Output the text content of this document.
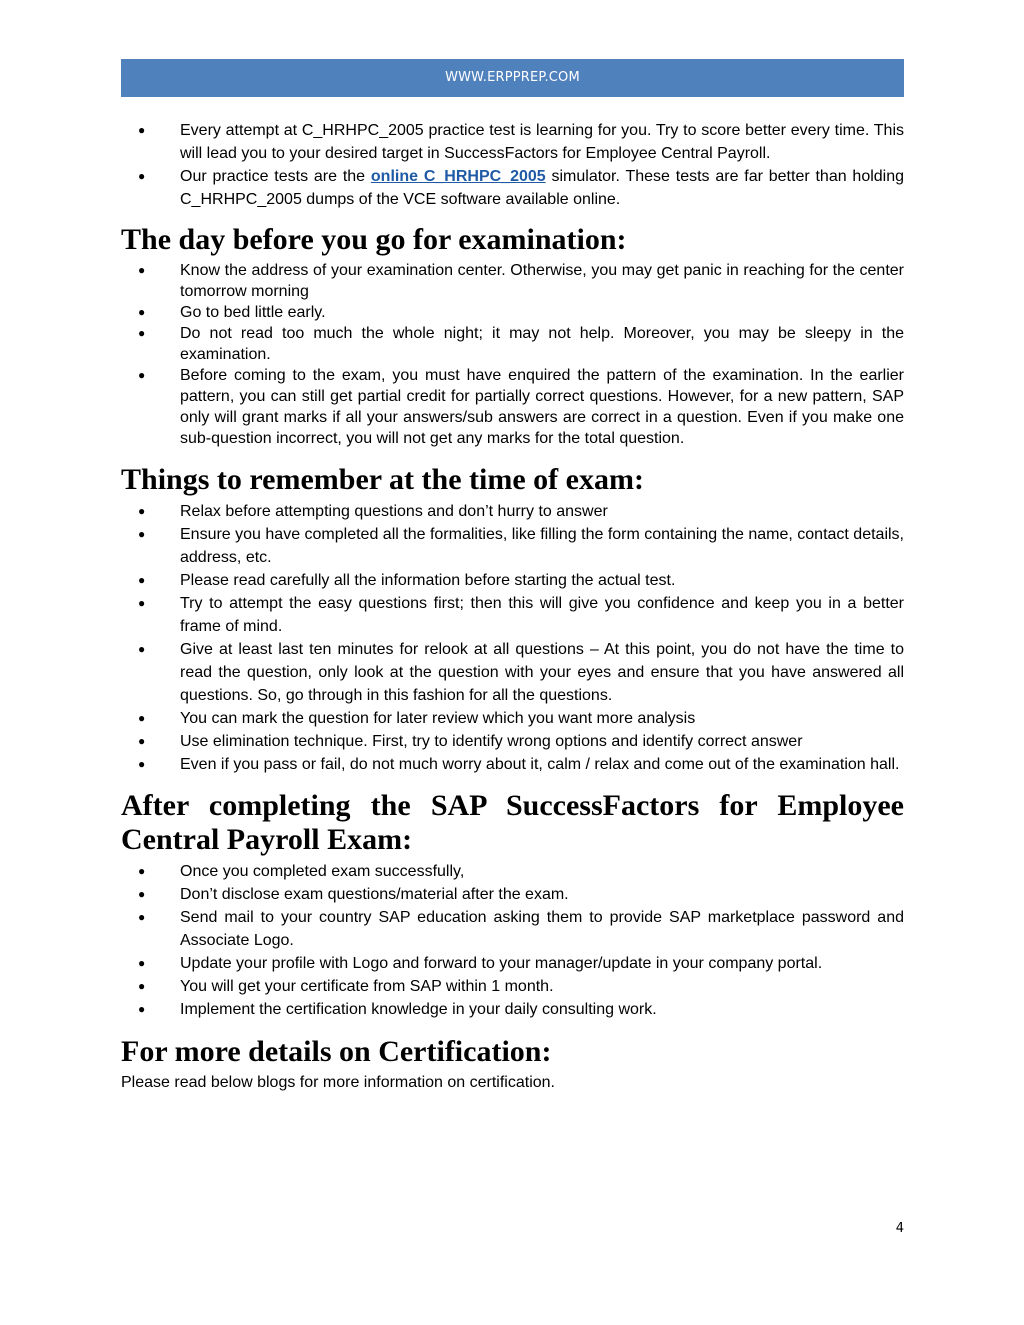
WWW.ERPPREP.COM
● Every attempt at C_HRHPC_2005 practice test is learning for you. Try to score better every time. This will lead you to your desired target in SuccessFactors for Employee Central Payroll.
● Our practice tests are the online C_HRHPC_2005 simulator. These tests are far better than holding C_HRHPC_2005 dumps of the VCE software available online.
The day before you go for examination:
● Know the address of your examination center. Otherwise, you may get panic in reaching for the center tomorrow morning
● Go to bed little early.
● Do not read too much the whole night; it may not help. Moreover, you may be sleepy in the examination.
● Before coming to the exam, you must have enquired the pattern of the examination. In the earlier pattern, you can still get partial credit for partially correct questions. However, for a new pattern, SAP only will grant marks if all your answers/sub answers are correct in a question. Even if you make one sub-question incorrect, you will not get any marks for the total question.
Things to remember at the time of exam:
● Relax before attempting questions and don’t hurry to answer
● Ensure you have completed all the formalities, like filling the form containing the name, contact details, address, etc.
● Please read carefully all the information before starting the actual test.
● Try to attempt the easy questions first; then this will give you confidence and keep you in a better frame of mind.
● Give at least last ten minutes for relook at all questions – At this point, you do not have the time to read the question, only look at the question with your eyes and ensure that you have answered all questions. So, go through in this fashion for all the questions.
● You can mark the question for later review which you want more analysis
● Use elimination technique. First, try to identify wrong options and identify correct answer
● Even if you pass or fail, do not much worry about it, calm / relax and come out of the examination hall.
After completing the SAP SuccessFactors for Employee Central Payroll Exam:
● Once you completed exam successfully,
● Don’t disclose exam questions/material after the exam.
● Send mail to your country SAP education asking them to provide SAP marketplace password and Associate Logo.
● Update your profile with Logo and forward to your manager/update in your company portal.
● You will get your certificate from SAP within 1 month.
● Implement the certification knowledge in your daily consulting work.
For more details on Certification:

Please read below blogs for more information on certification.

4
